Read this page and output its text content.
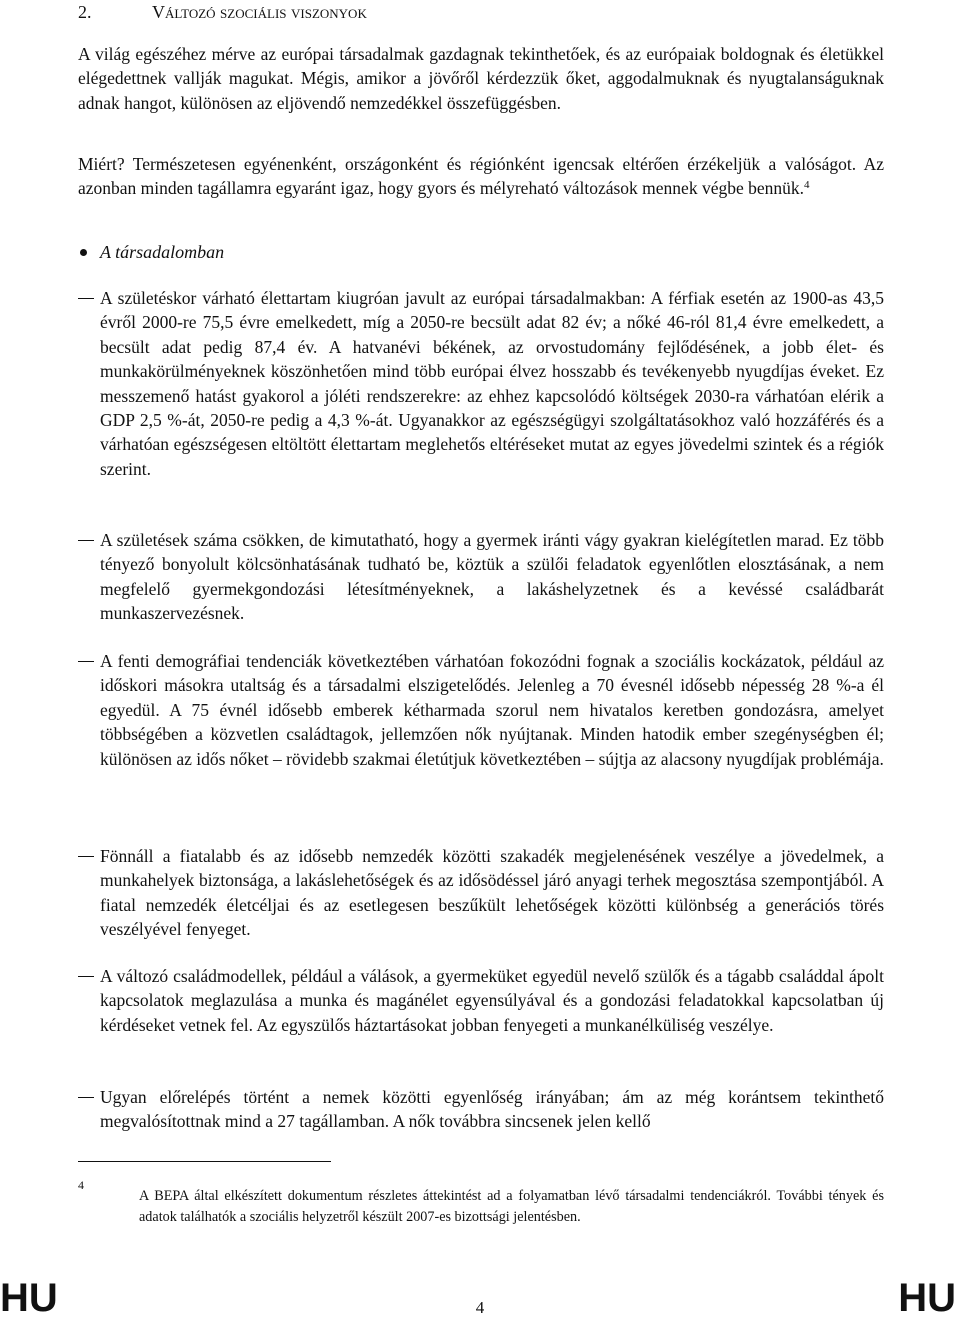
2.	Változó szociális viszonyok
A világ egészéhez mérve az európai társadalmak gazdagnak tekinthetőek, és az európaiak boldognak és életükkel elégedettnek vallják magukat. Mégis, amikor a jövőről kérdezzük őket, aggodalmuknak és nyugtalanságuknak adnak hangot, különösen az eljövendő nemzedékkel összefüggésben.
Miért? Természetesen egyénenként, országonként és régiónként igencsak eltérően érzékeljük a valóságot. Az azonban minden tagállamra egyaránt igaz, hogy gyors és mélyreható változások mennek végbe bennük.$^4$
A társadalomban
A születéskor várható élettartam kiugróan javult az európai társadalmakban: A férfiak esetén az 1900-as 43,5 évről 2000-re 75,5 évre emelkedett, míg a 2050-re becsült adat 82 év; a nőké 46-ról 81,4 évre emelkedett, a becsült adat pedig 87,4 év. A hatvanévi békének, az orvostudomány fejlődésének, a jobb élet- és munkakörülményeknek köszönhetően mind több európai élvez hosszabb és tevékenyebb nyugdíjas éveket. Ez messzemenő hatást gyakorol a jóléti rendszerekre: az ehhez kapcsolódó költségek 2030-ra várhatóan elérik a GDP 2,5 %-át, 2050-re pedig a 4,3 %-át. Ugyanakkor az egészségügyi szolgáltatásokhoz való hozzáférés és a várhatóan egészségesen eltöltött élettartam meglehetős eltéréseket mutat az egyes jövedelmi szintek és a régiók szerint.
A születések száma csökken, de kimutatható, hogy a gyermek iránti vágy gyakran kielégítetlen marad. Ez több tényező bonyolult kölcsönhatásának tudható be, köztük a szülői feladatok egyenlőtlen elosztásának, a nem megfelelő gyermekgondozási létesítményeknek, a lakáshelyzetnek és a kevéssé családbarát munkaszervezésnek.
A fenti demográfiai tendenciák következtében várhatóan fokozódni fognak a szociális kockázatok, például az időskori másokra utaltság és a társadalmi elszigetelődés. Jelenleg a 70 évesnél idősebb népesség 28 %-a él egyedül. A 75 évnél idősebb emberek kétharmada szorul nem hivatalos keretben gondozásra, amelyet többségében a közvetlen családtagok, jellemzően nők nyújtanak. Minden hatodik ember szegénységben él; különösen az idős nőket – rövidebb szakmai életútjuk következtében – sújtja az alacsony nyugdíjak problémája.
Fönnáll a fiatalabb és az idősebb nemzedék közötti szakadék megjelenésének veszélye a jövedelmek, a munkahelyek biztonsága, a lakáslehetőségek és az idősödéssel járó anyagi terhek megosztása szempontjából. A fiatal nemzedék életcéljai és az esetlegesen beszűkült lehetőségek közötti különbség a generációs törés veszélyével fenyeget.
A változó családmodellek, például a válások, a gyermeküket egyedül nevelő szülők és a tágabb családdal ápolt kapcsolatok meglazulása a munka és magánélet egyensúlyával és a gondozási feladatokkal kapcsolatban új kérdéseket vetnek fel. Az egyszülős háztartásokat jobban fenyegeti a munkanélküliség veszélye.
Ugyan előrelépés történt a nemek közötti egyenlőség irányában; ám az még korántsem tekinthető megvalósítottnak mind a 27 tagállamban. A nők továbbra sincsenek jelen kellő
4
A BEPA által elkészített dokumentum részletes áttekintést ad a folyamatban lévő társadalmi tendenciákról. További tények és adatok találhatók a szociális helyzetről készült 2007-es bizottsági jelentésben.
HU	4	HU
